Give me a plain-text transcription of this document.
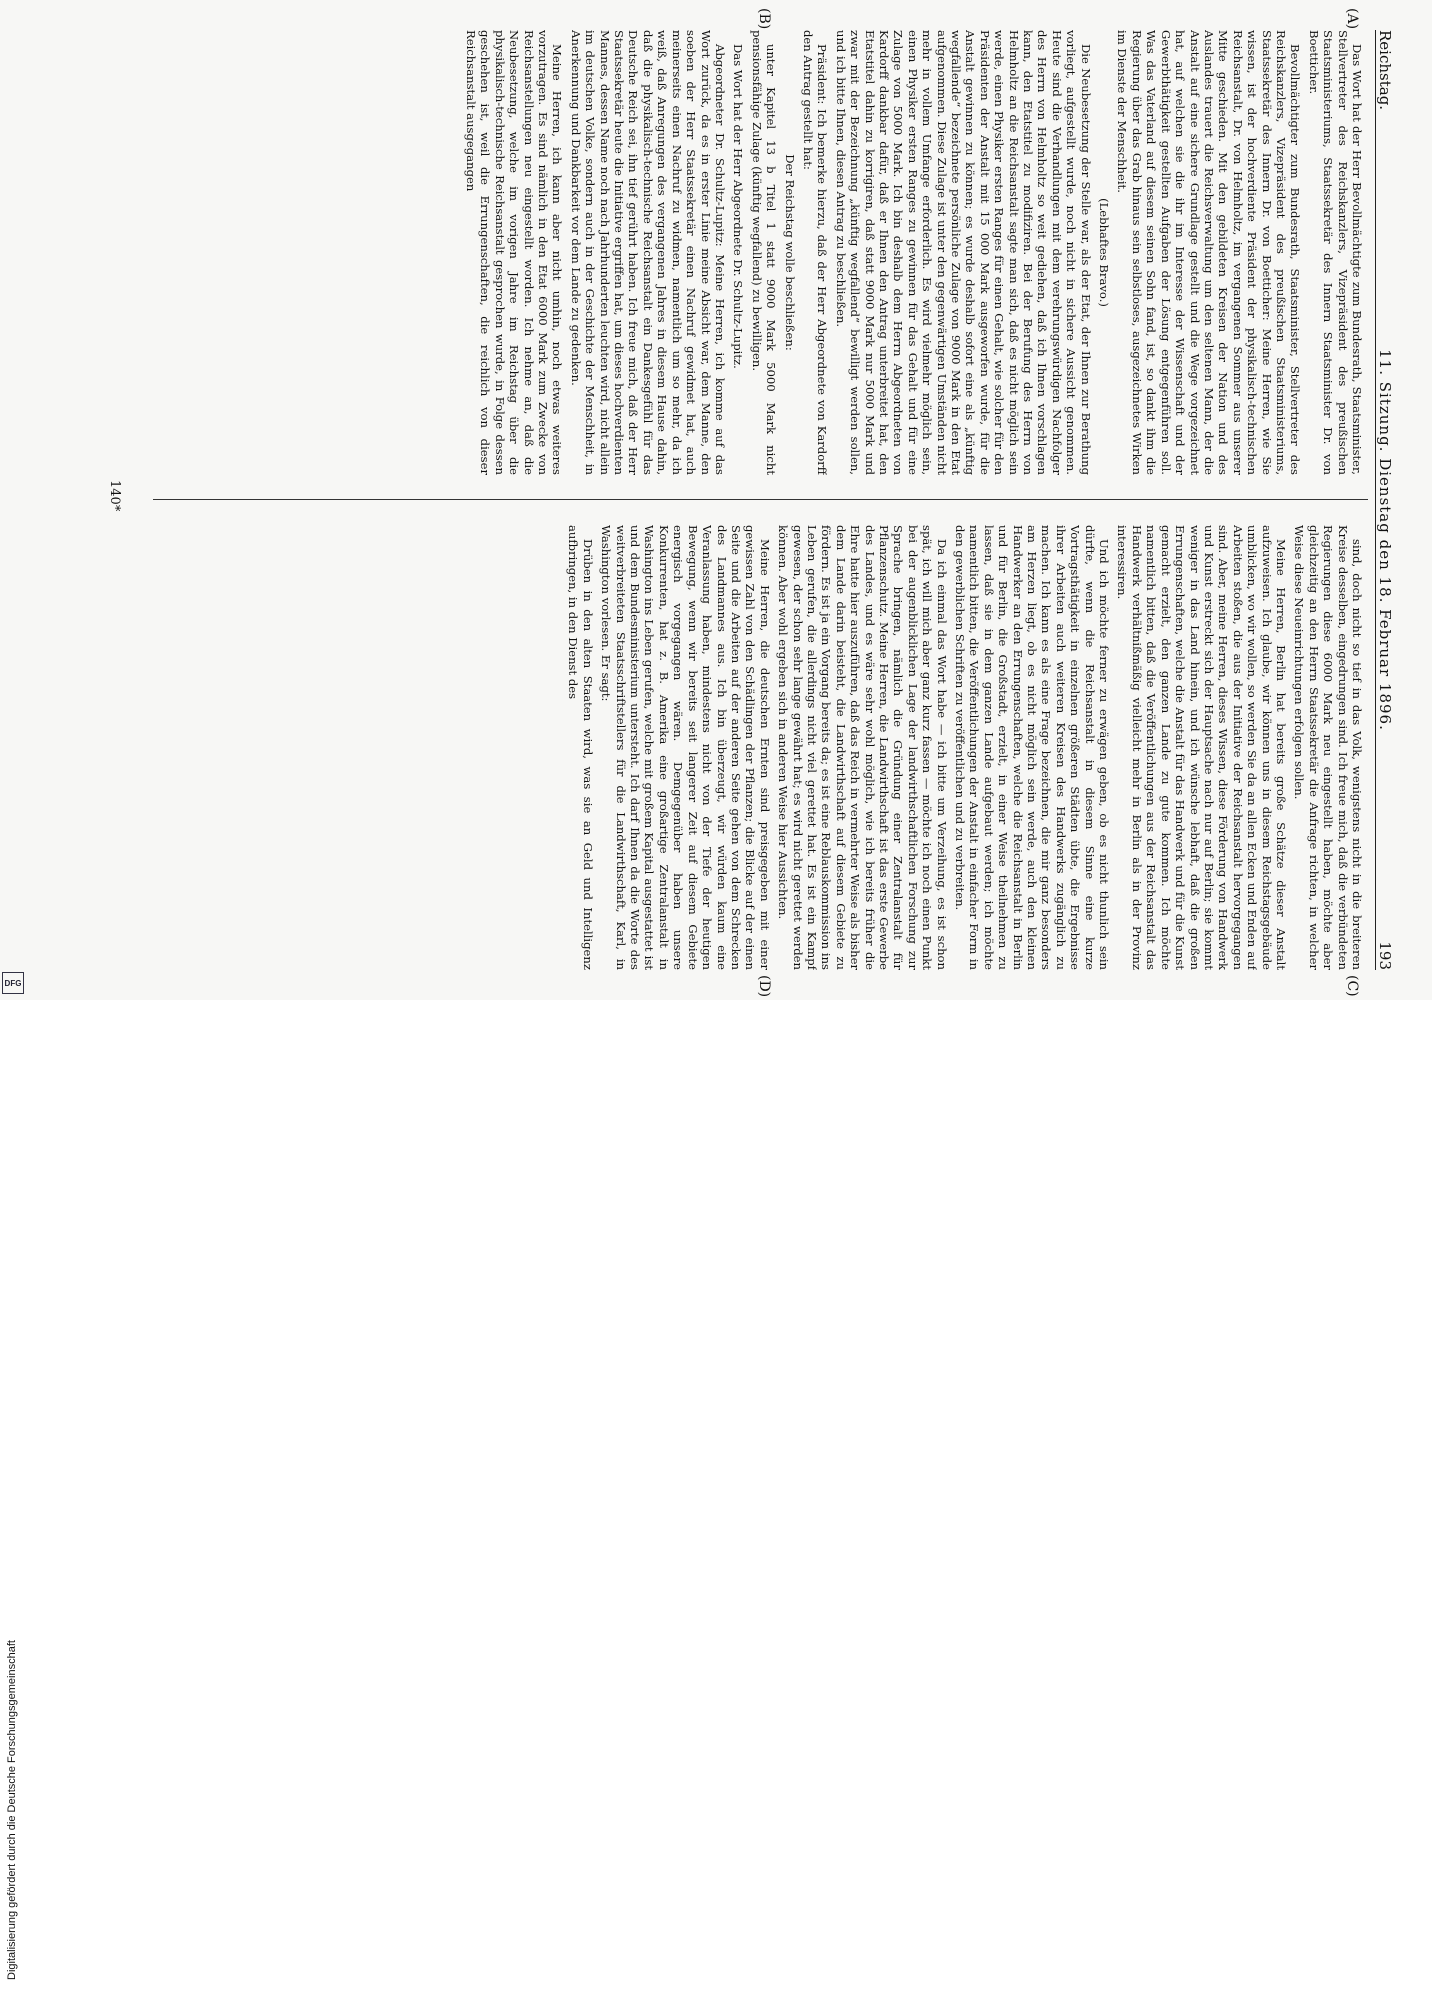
Reichstag.
11. Sitzung. Dienstag den 18. Februar 1896.
193

Das Wort hat der Herr Bevollmächtigte zum Bundesrath, Staatsminister, Stellvertreter des Reichskanzlers, Vizepräsident des preußischen Staatsministeriums, Staatssekretär des Innern Staatsminister Dr. von Boetticher.

Bevollmächtigter zum Bundesrath, Staatsminister, Stellvertreter des Reichskanzlers, Vizepräsident des preußischen Staatsministeriums, Staatssekretär des Innern Dr. von Boetticher: Meine Herren, wie Sie wissen, ist der hochverdiente Präsident der physikalisch-technischen Reichsanstalt, Dr. von Helmholtz, im vergangenen Sommer aus unserer Mitte geschieden. Mit den gebildeten Kreisen der Nation und des Auslandes trauert die Reichsverwaltung um den seltenen Mann, der die Anstalt auf eine sichere Grundlage gestellt und die Wege vorgezeichnet hat, auf welchen sie die ihr im Interesse der Wissenschaft und der Gewerbthätigkeit gestellten Aufgaben der Lösung entgegenführen soll. Was das Vaterland auf diesem seinen Sohn fand, ist, so dankt ihm die Regierung über das Grab hinaus sein selbstloses, ausgezeichnetes Wirken im Dienste der Menschheit.

(Lebhaftes Bravo.)

Die Neubesetzung der Stelle war, als der Etat, der Ihnen zur Berathung vorliegt, aufgestellt wurde, noch nicht in sichere Aussicht genommen. Heute sind die Verhandlungen mit dem verehrungswürdigen Nachfolger des Herrn von Helmholtz so weit gediehen, daß ich Ihnen vorschlagen kann, den Etatstitel zu modifiziren. Bei der Berufung des Herrn von Helmholtz an die Reichsanstalt sagte man sich, daß es nicht möglich sein werde, einen Physiker ersten Ranges für einen Gehalt, wie solcher für den Präsidenten der Anstalt mit 15 000 Mark ausgeworfen wurde, für die Anstalt gewinnen zu können; es wurde deshalb sofort eine als „künftig wegfallende“ bezeichnete persönliche Zulage von 9000 Mark in den Etat aufgenommen. Diese Zulage ist unter den gegenwärtigen Umständen nicht mehr in vollem Umfange erforderlich. Es wird vielmehr möglich sein, einen Physiker ersten Ranges zu gewinnen für das Gehalt und für eine Zulage von 5000 Mark. Ich bin deshalb dem Herrn Abgeordneten von Kardorff dankbar dafür, daß er Ihnen den Antrag unterbreitet hat, den Etatstitel dahin zu korrigiren, daß statt 9000 Mark nur 5000 Mark und zwar mit der Bezeichnung „künftig wegfallend“ bewilligt werden sollen, und ich bitte Ihnen, diesen Antrag zu beschließen.

Präsident: Ich bemerke hierzu, daß der Herr Abgeordnete von Kardorff den Antrag gestellt hat:

Der Reichstag wolle beschließen:

unter Kapitel 13 b Titel 1 statt 9000 Mark 5000 Mark nicht pensionsfähige Zulage (künftig wegfallend) zu bewilligen.

Das Wort hat der Herr Abgeordnete Dr. Schultz-Lupitz.

Abgeordneter Dr. Schultz-Lupitz: Meine Herren, ich komme auf das Wort zurück, da es in erster Linie meine Absicht war, dem Manne, den soeben der Herr Staatssekretär einen Nachruf gewidmet hat, auch meinerseits einen Nachruf zu widmen, namentlich um so mehr, da ich weiß, daß Anregungen des vergangenen Jahres in diesem Hause dahin, daß die physikalisch-technische Reichsanstalt ein Dankesgefühl für das Deutsche Reich sei, ihn tief gerührt haben. Ich freue mich, daß der Herr Staatssekretär heute die Initiative ergriffen hat, um dieses hochverdienten Mannes, dessen Name noch nach Jahrhunderten leuchten wird, nicht allein im deutschen Volke, sondern auch in der Geschichte der Menschheit, in Anerkennung und Dankbarkeit vor dem Lande zu gedenken.

Meine Herren, ich kann aber nicht umhin, noch etwas weiteres vorzutragen. Es sind nämlich in den Etat 6000 Mark zum Zwecke von Reichsanstellungen neu eingestellt worden. Ich nehme an, daß die Neubesetzung, welche im vorigen Jahre im Reichstag über die physikalisch-technische Reichsanstalt gesprochen wurde, in Folge dessen geschehen ist, weil die Errungenschaften, die reichlich von dieser Reichsanstalt ausgegangen

sind, doch nicht so tief in das Volk, wenigstens nicht in die breiteren Kreise desselben, eingedrungen sind. Ich freue mich, daß die verbündeten Regierungen diese 6000 Mark neu eingestellt haben, möchte aber gleichzeitig an den Herrn Staatssekretär die Anfrage richten, in welcher Weise diese Neueinrichtungen erfolgen sollen.

Meine Herren, Berlin hat bereits große Schätze dieser Anstalt aufzuweisen. Ich glaube, wir können uns in diesem Reichstagsgebäude umblicken, wo wir wollen, so werden Sie da an allen Ecken und Enden auf Arbeiten stoßen, die aus der Initiative der Reichsanstalt hervorgegangen sind. Aber, meine Herren, dieses Wissen, diese Förderung von Handwerk und Kunst erstreckt sich der Hauptsache nach nur auf Berlin; sie kommt weniger in das Land hinein, und ich wünsche lebhaft, daß die großen Errungenschaften, welche die Anstalt für das Handwerk und für die Kunst gemacht erzielt, den ganzen Lande zu gute kommen. Ich möchte namentlich bitten, daß die Veröffentlichungen aus der Reichsanstalt das Handwerk verhältnißmäßig vielleicht mehr in Berlin als in der Provinz interessiren.

Und ich möchte ferner zu erwägen geben, ob es nicht thunlich sein dürfte, wenn die Reichsanstalt in diesem Sinne eine kurze Vortragsthätigkeit in einzelnen größeren Städten übte, die Ergebnisse ihrer Arbeiten auch weiteren Kreisen des Handwerks zugänglich zu machen. Ich kann es als eine Frage bezeichnen, die mir ganz besonders am Herzen liegt, ob es nicht möglich sein werde, auch den kleinen Handwerker an den Errungenschaften, welche die Reichsanstalt in Berlin und für Berlin, die Großstadt, erzielt, in einer Weise theilnehmen zu lassen, daß sie in dem ganzen Lande aufgebaut werden; ich möchte namentlich bitten, die Veröffentlichungen der Anstalt in einfacher Form in den gewerblichen Schriften zu veröffentlichen und zu verbreiten.

Da ich einmal das Wort habe — ich bitte um Verzeihung, es ist schon spät, ich will mich aber ganz kurz fassen — möchte ich noch einen Punkt bei der augenblicklichen Lage der landwirthschaftlichen Forschung zur Sprache bringen, nämlich die Gründung einer Zentralanstalt für Pflanzenschutz. Meine Herren, die Landwirthschaft ist das erste Gewerbe des Landes, und es wäre sehr wohl möglich, wie ich bereits früher die Ehre hatte hier auszuführen, daß das Reich in vermehrter Weise als bisher dem Lande darin beisteht, die Landwirthschaft auf diesem Gebiete zu fördern. Es ist ja ein Vorgang bereits da; es ist eine Reblauskommission ins Leben gerufen, die allerdings nicht viel gerettet hat. Es ist ein Kampf gewesen, der schon sehr lange gewährt hat; es wird nicht gerettet werden können. Aber wohl ergeben sich in anderen Weise hier Aussichten.

Meine Herren, die deutschen Ernten sind preisgegeben mit einer gewissen Zahl von den Schädlingen der Pflanzen; die Blicke auf der einen Seite und die Arbeiten auf der anderen Seite gehen von dem Schrecken des Landmannes aus. Ich bin überzeugt, wir würden kaum eine Veranlassung haben, mindestens nicht von der Tiefe der heutigen Bewegung, wenn wir bereits seit langerer Zeit auf diesem Gebiete energisch vorgegangen wären. Demgegenüber haben unsere Konkurrenten, hat z. B. Amerika eine großartige Zentralanstalt in Washington ins Leben gerufen, welche mit großem Kapital ausgestattet ist und dem Bundesministerium untersteht. Ich darf Ihnen da die Worte des weitverbreiteten Staatsschriftstellers für die Landwirthschaft, Karl, in Washington vorlesen. Er sagt:

Drüben in den alten Staaten wird, was sie an Geld und Intelligenz aufbringen, in den Dienst des

(A)
(B)
(C)
(D)
140*
Digitalisierung gefördert durch die Deutsche Forschungsgemeinschaft
DFG
